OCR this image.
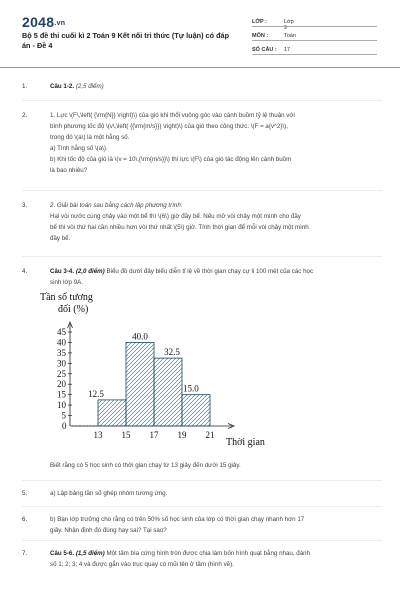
2048.vn
Bộ 5 đề thi cuối kì 2 Toán 9 Kết nối tri thức (Tự luận) có đáp án - Đề 4
LỚP :	Lớp 9
MÔN :	Toán
SỐ CÂU :	17
1.	Câu 1-2. (2,5 điểm)
2.	1. Lực \(F\,\left( {\rm{N}} \right)\) của gió khi thổi vuông góc vào cánh buồm tỷ lệ thuận với
bình phương tốc độ \(v\,\left( {{\rm{m/s}}} \right)\) của gió theo công thức: \(F = a{v^2}\),
trong đó \(a\) là một hằng số.
a) Tính hằng số \(a\).
b) Khi tốc độ của gió là \(v = 10\,{\rm{m/s}}\) thì lực \(F\) của gió tác động lên cánh buồm
là bao nhiêu?
3.	2. Giải bài toán sau bằng cách lập phương trình:
Hai vòi nước cùng chảy vào một bể thì \(6\) giờ đầy bể. Nếu mở vòi chảy một mình cho đầy
bể thì vòi thứ hai cần nhiều hơn vòi thứ nhất \(5\) giờ. Tính thời gian để mỗi vòi chảy một mình
đầy bể.
4.	Câu 3-4. (2,0 điểm) Biểu đồ dưới đây biểu diễn tỉ lệ về thời gian chạy cự li 100 mét của các học
sinh lớp 9A.
Tần số tương
đối (%)
0
5
10
15
20
25
30
35
40
45
12.5
40.0
32.5
15.0
13 15 17 19 21
Thời gian
Biết rằng có 5 học sinh có thời gian chạy từ 13 giây đến dưới 15 giây.
5.	a) Lập bảng tần số ghép nhóm tương ứng.
6.	b) Bạn lớp trưởng cho rằng có trên 50% số học sinh của lớp có thời gian chạy nhanh hơn 17
giây. Nhận định đó đúng hay sai? Tại sao?
7.	Câu 5-6. (1,5 điểm) Một tấm bìa cứng hình tròn được chia làm bốn hình quạt bằng nhau, đánh
số 1; 2; 3; 4 và được gắn vào trục quay có mũi tên ở tâm (hình vẽ).
